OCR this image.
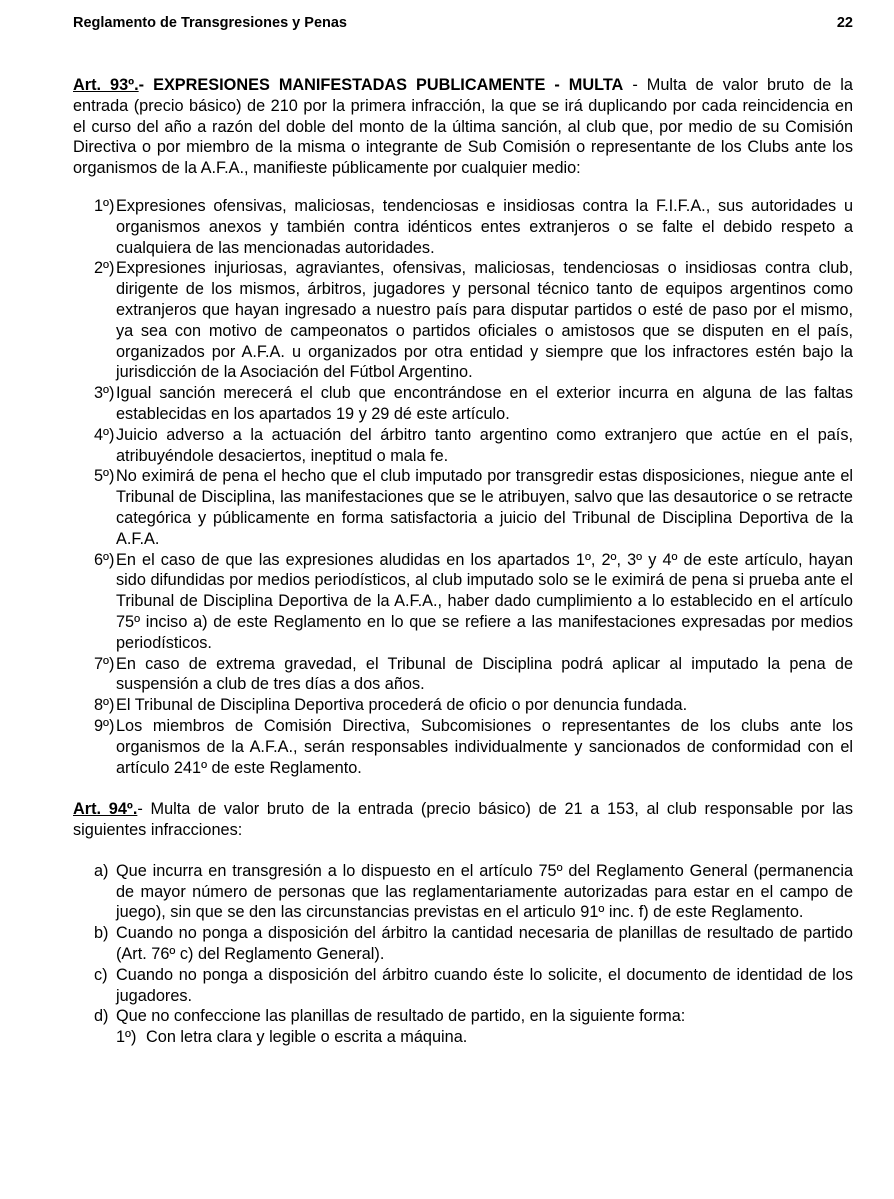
Reglamento de Transgresiones y Penas	22

Art. 93º.- EXPRESIONES MANIFESTADAS PUBLICAMENTE - MULTA - Multa de valor bruto de la entrada (precio básico) de 210 por la primera infracción, la que se irá duplicando por cada reincidencia en el curso del año a razón del doble del monto de la última sanción, al club que, por medio de su Comisión Directiva o por miembro de la misma o integrante de Sub Comisión o representante de los Clubs ante los organismos de la A.F.A., manifieste públicamente por cualquier medio:

1º) Expresiones ofensivas, maliciosas, tendenciosas e insidiosas contra la F.I.F.A., sus autoridades u organismos anexos y también contra idénticos entes extranjeros o se falte el debido respeto a cualquiera de las mencionadas autoridades.
2º) Expresiones injuriosas, agraviantes, ofensivas, maliciosas, tendenciosas o insidiosas contra club, dirigente de los mismos, árbitros, jugadores y personal técnico tanto de equipos argentinos como extranjeros que hayan ingresado a nuestro país para disputar partidos o esté de paso por el mismo, ya sea con motivo de campeonatos o partidos oficiales o amistosos que se disputen en el país, organizados por A.F.A. u organizados por otra entidad y siempre que los infractores estén bajo la jurisdicción de la Asociación del Fútbol Argentino.
3º) Igual sanción merecerá el club que encontrándose en el exterior incurra en alguna de las faltas establecidas en los apartados 19 y 29 dé este artículo.
4º) Juicio adverso a la actuación del árbitro tanto argentino como extranjero que actúe en el país, atribuyéndole desaciertos, ineptitud o mala fe.
5º) No eximirá de pena el hecho que el club imputado por transgredir estas disposiciones, niegue ante el Tribunal de Disciplina, las manifestaciones que se le atribuyen, salvo que las desautorice o se retracte categórica y públicamente en forma satisfactoria a juicio del Tribunal de Disciplina Deportiva de la A.F.A.
6º) En el caso de que las expresiones aludidas en los apartados 1º, 2º, 3º y 4º de este artículo, hayan sido difundidas por medios periodísticos, al club imputado solo se le eximirá de pena si prueba ante el Tribunal de Disciplina Deportiva de la A.F.A., haber dado cumplimiento a lo establecido en el artículo 75º inciso a) de este Reglamento en lo que se refiere a las manifestaciones expresadas por medios periodísticos.
7º) En caso de extrema gravedad, el Tribunal de Disciplina podrá aplicar al imputado la pena de suspensión a club de tres días a dos años.
8º) El Tribunal de Disciplina Deportiva procederá de oficio o por denuncia fundada.
9º) Los miembros de Comisión Directiva, Subcomisiones o representantes de los clubs ante los organismos de la A.F.A., serán responsables individualmente y sancionados de conformidad con el artículo 241º de este Reglamento.

Art. 94º.- Multa de valor bruto de la entrada (precio básico) de 21 a 153, al club responsable por las siguientes infracciones:

a) Que incurra en transgresión a lo dispuesto en el artículo 75º del Reglamento General (permanencia de mayor número de personas que las reglamentariamente autorizadas para estar en el campo de juego), sin que se den las circunstancias previstas en el articulo 91º inc. f) de este Reglamento.
b) Cuando no ponga a disposición del árbitro la cantidad necesaria de planillas de resultado de partido (Art. 76º c) del Reglamento General).
c) Cuando no ponga a disposición del árbitro cuando éste lo solicite, el documento de identidad de los jugadores.
d) Que no confeccione las planillas de resultado de partido, en la siguiente forma:
1º) Con letra clara y legible o escrita a máquina.
